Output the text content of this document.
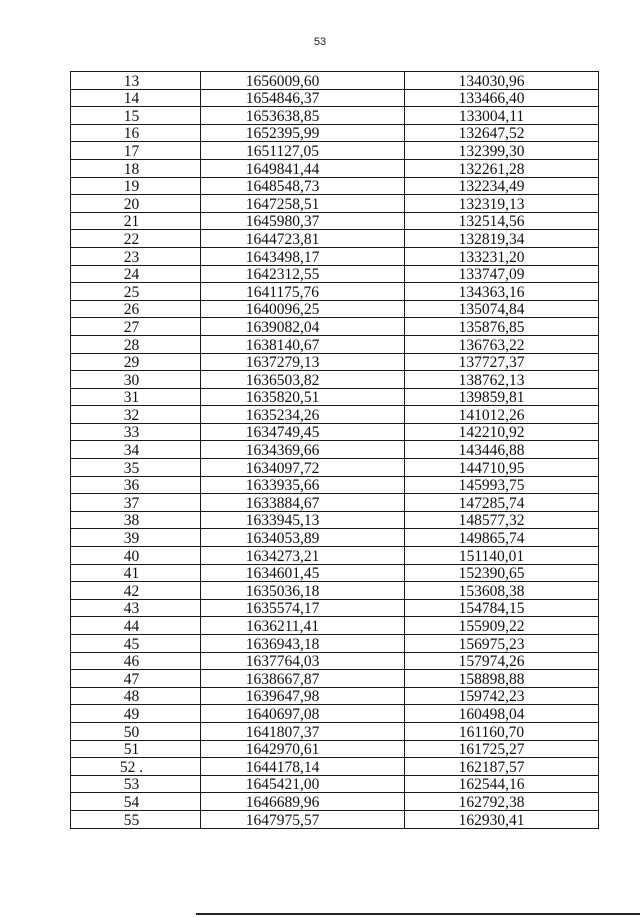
53
13	1656009,60	134030,96
14	1654846,37	133466,40
15	1653638,85	133004,11
16	1652395,99	132647,52
17	1651127,05	132399,30
18	1649841,44	132261,28
19	1648548,73	132234,49
20	1647258,51	132319,13
21	1645980,37	132514,56
22	1644723,81	132819,34
23	1643498,17	133231,20
24	1642312,55	133747,09
25	1641175,76	134363,16
26	1640096,25	135074,84
27	1639082,04	135876,85
28	1638140,67	136763,22
29	1637279,13	137727,37
30	1636503,82	138762,13
31	1635820,51	139859,81
32	1635234,26	141012,26
33	1634749,45	142210,92
34	1634369,66	143446,88
35	1634097,72	144710,95
36	1633935,66	145993,75
37	1633884,67	147285,74
38	1633945,13	148577,32
39	1634053,89	149865,74
40	1634273,21	151140,01
41	1634601,45	152390,65
42	1635036,18	153608,38
43	1635574,17	154784,15
44	1636211,41	155909,22
45	1636943,18	156975,23
46	1637764,03	157974,26
47	1638667,87	158898,88
48	1639647,98	159742,23
49	1640697,08	160498,04
50	1641807,37	161160,70
51	1642970,61	161725,27
52 .	1644178,14	162187,57
53	1645421,00	162544,16
54	1646689,96	162792,38
55	1647975,57	162930,41
